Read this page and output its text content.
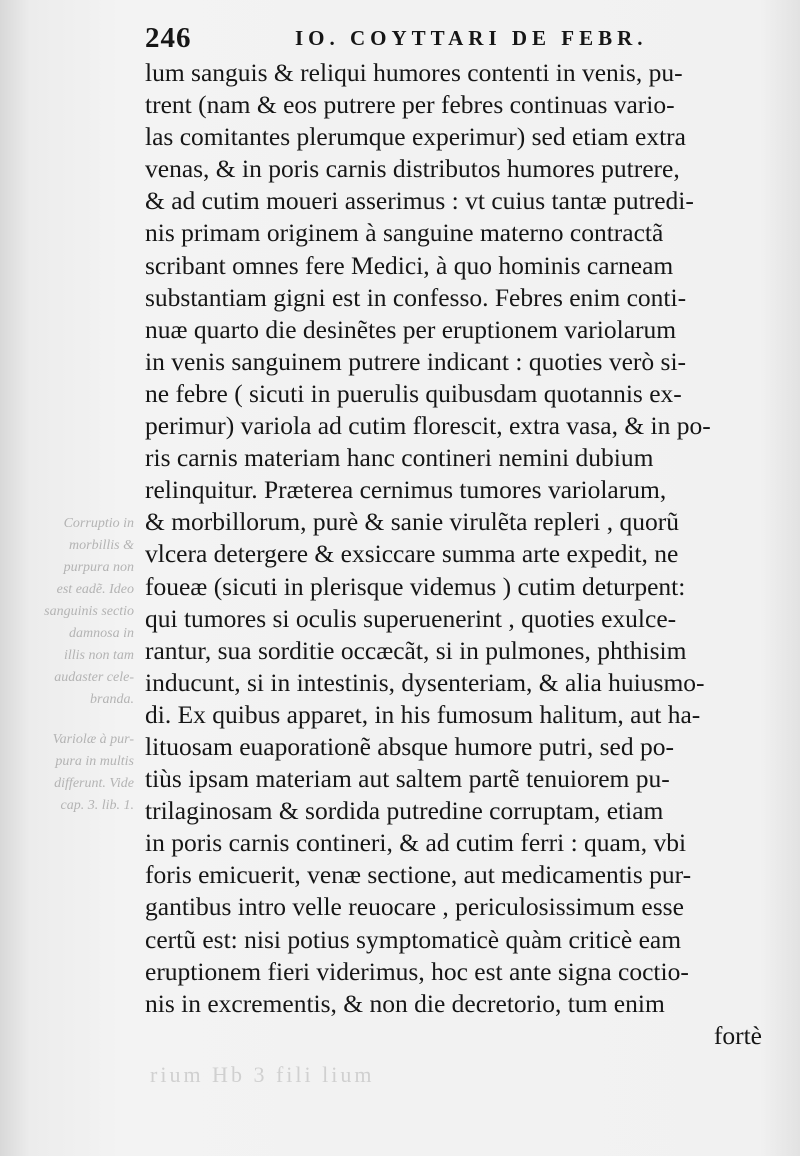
246	IO. COYTTARI DE FEBR.
Corruptio in
morbillis &
purpura non
est eadẽ. Ideo
sanguinis sectio
damnosa in
illis non tam
audaster cele-
branda.
Variolæ à pur-
pura in multis
differunt. Vide
cap. 3. lib. 1.
lum sanguis & reliqui humores contenti in venis, pu-
trent (nam & eos putrere per febres continuas vario-
las comitantes plerumque experimur) sed etiam extra
venas, & in poris carnis distributos humores putrere,
& ad cutim moueri asserimus : vt cuius tantæ putredi-
nis primam originem à sanguine materno contractã
scribant omnes fere Medici, à quo hominis carneam
substantiam gigni est in confesso. Febres enim conti-
nuæ quarto die desinẽtes per eruptionem variolarum
in venis sanguinem putrere indicant : quoties verò si-
ne febre ( sicuti in puerulis quibusdam quotannis ex-
perimur) variola ad cutim florescit, extra vasa, & in po-
ris carnis materiam hanc contineri nemini dubium
relinquitur. Præterea cernimus tumores variolarum,
& morbillorum, purè & sanie virulẽta repleri , quorũ
vlcera detergere & exsiccare summa arte expedit, ne
foueæ (sicuti in plerisque videmus ) cutim deturpent:
qui tumores si oculis superuenerint , quoties exulce-
rantur, sua sorditie occæcãt, si in pulmones, phthisim
inducunt, si in intestinis, dysenteriam, & alia huiusmo-
di. Ex quibus apparet, in his fumosum halitum, aut ha-
lituosam euaporationẽ absque humore putri, sed po-
tiùs ipsam materiam aut saltem partẽ tenuiorem pu-
trilaginosam & sordida putredine corruptam, etiam
in poris carnis contineri, & ad cutim ferri : quam, vbi
foris emicuerit, venæ sectione, aut medicamentis pur-
gantibus intro velle reuocare , periculosissimum esse
certũ est: nisi potius symptomaticè quàm criticè eam
eruptionem fieri viderimus, hoc est ante signa coctio-
nis in excrementis, & non die decretorio, tum enim
fortè
rium Hb 3 fili lium
